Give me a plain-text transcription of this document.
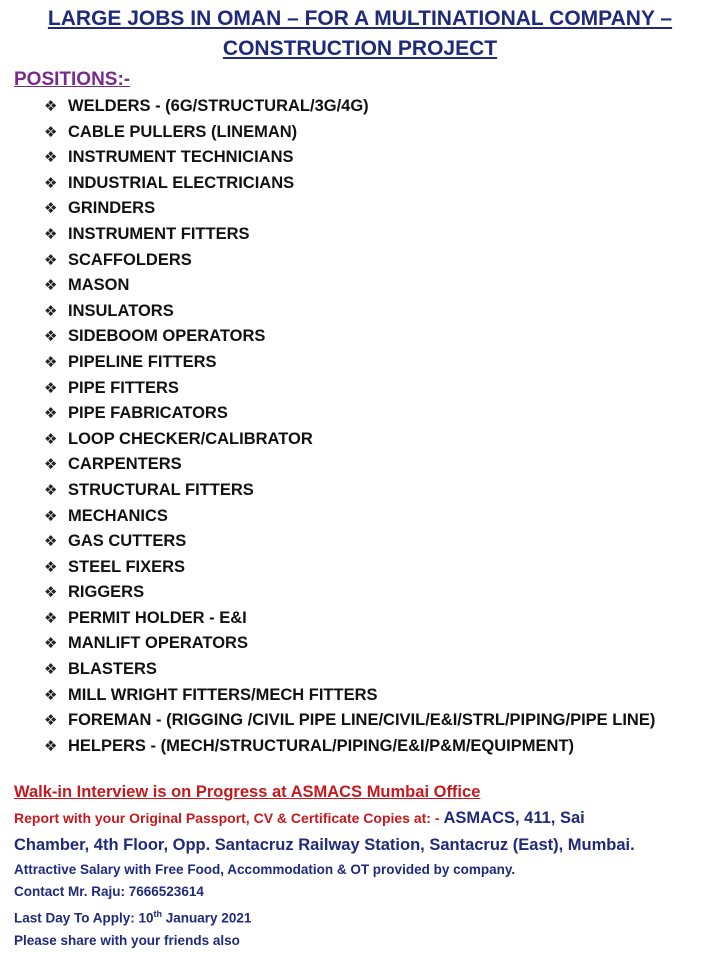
LARGE JOBS IN OMAN – FOR A MULTINATIONAL COMPANY –
CONSTRUCTION PROJECT
POSITIONS:-
❖ WELDERS - (6G/STRUCTURAL/3G/4G)
❖ CABLE PULLERS (LINEMAN)
❖ INSTRUMENT TECHNICIANS
❖ INDUSTRIAL ELECTRICIANS
❖ GRINDERS
❖ INSTRUMENT FITTERS
❖ SCAFFOLDERS
❖ MASON
❖ INSULATORS
❖ SIDEBOOM OPERATORS
❖ PIPELINE FITTERS
❖ PIPE FITTERS
❖ PIPE FABRICATORS
❖ LOOP CHECKER/CALIBRATOR
❖ CARPENTERS
❖ STRUCTURAL FITTERS
❖ MECHANICS
❖ GAS CUTTERS
❖ STEEL FIXERS
❖ RIGGERS
❖ PERMIT HOLDER - E&I
❖ MANLIFT OPERATORS
❖ BLASTERS
❖ MILL WRIGHT FITTERS/MECH FITTERS
❖ FOREMAN - (RIGGING /CIVIL PIPE LINE/CIVIL/E&I/STRL/PIPING/PIPE LINE)
❖ HELPERS - (MECH/STRUCTURAL/PIPING/E&I/P&M/EQUIPMENT)
Walk-in Interview is on Progress at ASMACS Mumbai Office
Report with your Original Passport, CV & Certificate Copies at: - ASMACS, 411, Sai
Chamber, 4th Floor, Opp. Santacruz Railway Station, Santacruz (East), Mumbai.
Attractive Salary with Free Food, Accommodation & OT provided by company.
Contact Mr. Raju: 7666523614
Last Day To Apply: 10th January 2021
Please share with your friends also
